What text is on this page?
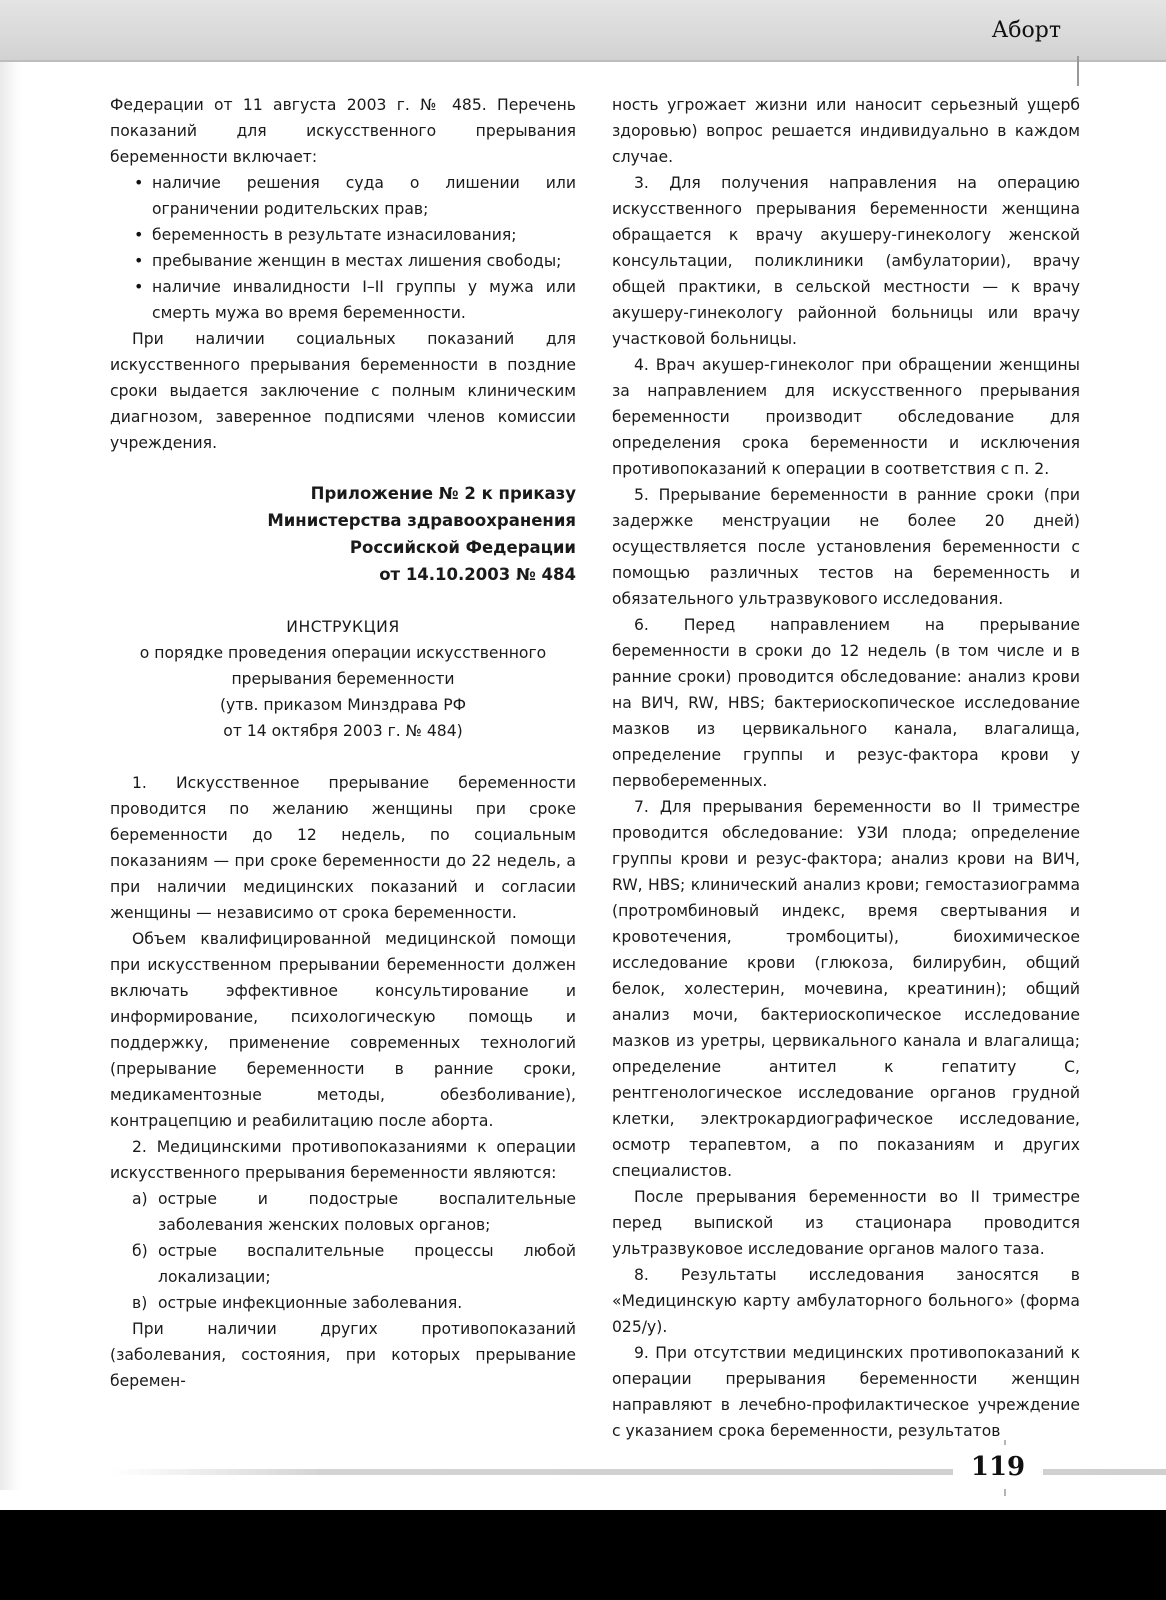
Аборт

Федерации от 11 августа 2003 г. № 485. Перечень показаний для искусственного прерывания беременности включает:

• наличие решения суда о лишении или ограничении родительских прав;
• беременность в результате изнасилования;
• пребывание женщин в местах лишения свободы;
• наличие инвалидности I–II группы у мужа или смерть мужа во время беременности.

При наличии социальных показаний для искусственного прерывания беременности в поздние сроки выдается заключение с полным клиническим диагнозом, заверенное подписями членов комиссии учреждения.

Приложение № 2 к приказу
Министерства здравоохранения
Российской Федерации
от 14.10.2003 № 484
ИНСТРУКЦИЯ
о порядке проведения операции искусственного
прерывания беременности
(утв. приказом Минздрава РФ
от 14 октября 2003 г. № 484)

1. Искусственное прерывание беременности проводится по желанию женщины при сроке беременности до 12 недель, по социальным показаниям — при сроке беременности до 22 недель, а при наличии медицинских показаний и согласии женщины — независимо от срока беременности.

Объем квалифицированной медицинской помощи при искусственном прерывании беременности должен включать эффективное консультирование и информирование, психологическую помощь и поддержку, применение современных технологий (прерывание беременности в ранние сроки, медикаментозные методы, обезболивание), контрацепцию и реабилитацию после аборта.

2. Медицинскими противопоказаниями к операции искусственного прерывания беременности являются:

а) острые и подострые воспалительные заболевания женских половых органов;
б) острые воспалительные процессы любой локализации;
в) острые инфекционные заболевания.

При наличии других противопоказаний (заболевания, состояния, при которых прерывание беремен-

ность угрожает жизни или наносит серьезный ущерб здоровью) вопрос решается индивидуально в каждом случае.

3. Для получения направления на операцию искусственного прерывания беременности женщина обращается к врачу акушеру-гинекологу женской консультации, поликлиники (амбулатории), врачу общей практики, в сельской местности — к врачу акушеру-гинекологу районной больницы или врачу участковой больницы.

4. Врач акушер-гинеколог при обращении женщины за направлением для искусственного прерывания беременности производит обследование для определения срока беременности и исключения противопоказаний к операции в соответствия с п. 2.

5. Прерывание беременности в ранние сроки (при задержке менструации не более 20 дней) осуществляется после установления беременности с помощью различных тестов на беременность и обязательного ультразвукового исследования.

6. Перед направлением на прерывание беременности в сроки до 12 недель (в том числе и в ранние сроки) проводится обследование: анализ крови на ВИЧ, RW, HBS; бактериоскопическое исследование мазков из цервикального канала, влагалища, определение группы и резус-фактора крови у первобеременных.

7. Для прерывания беременности во II триместре проводится обследование: УЗИ плода; определение группы крови и резус-фактора; анализ крови на ВИЧ, RW, HBS; клинический анализ крови; гемостазиограмма (протромбиновый индекс, время свертывания и кровотечения, тромбоциты), биохимическое исследование крови (глюкоза, билирубин, общий белок, холестерин, мочевина, креатинин); общий анализ мочи, бактериоскопическое исследование мазков из уретры, цервикального канала и влагалища; определение антител к гепатиту С, рентгенологическое исследование органов грудной клетки, электрокардиографическое исследование, осмотр терапевтом, а по показаниям и других специалистов.

После прерывания беременности во II триместре перед выпиской из стационара проводится ультразвуковое исследование органов малого таза.

8. Результаты исследования заносятся в «Медицинскую карту амбулаторного больного» (форма 025/у).

9. При отсутствии медицинских противопоказаний к операции прерывания беременности женщин направляют в лечебно-профилактическое учреждение с указанием срока беременности, результатов

119
